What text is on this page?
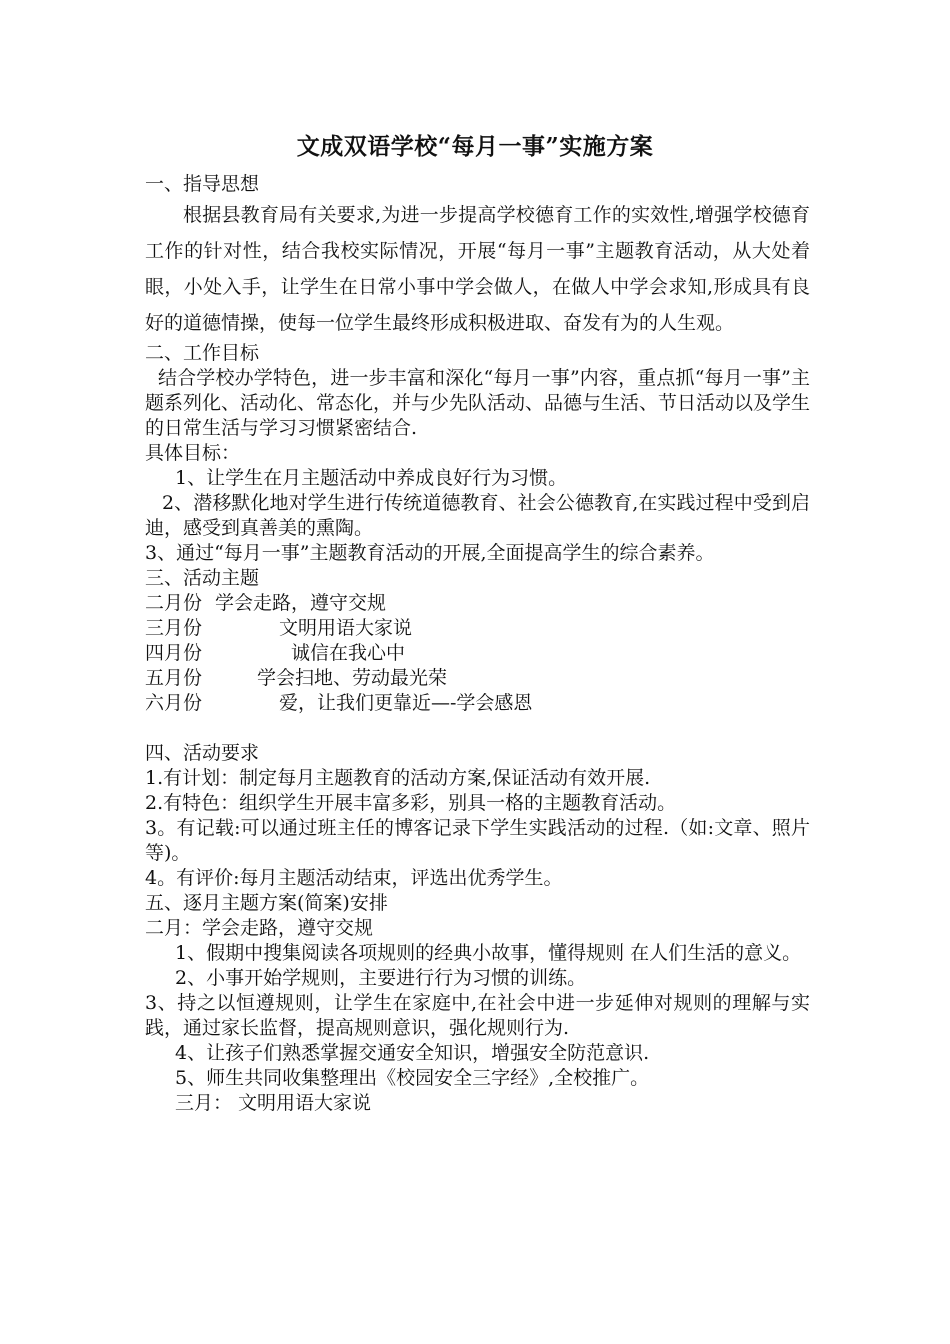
文成双语学校“每月一事”实施方案

一、指导思想

根据县教育局有关要求,为进一步提高学校德育工作的实效性,增强学校德育工作的针对性，结合我校实际情况，开展“每月一事”主题教育活动，从大处着眼，小处入手，让学生在日常小事中学会做人，在做人中学会求知,形成具有良好的道德情操，使每一位学生最终形成积极进取、奋发有为的人生观。

二、工作目标

结合学校办学特色，进一步丰富和深化“每月一事”内容，重点抓“每月一事”主题系列化、活动化、常态化，并与少先队活动、品德与生活、节日活动以及学生的日常生活与学习习惯紧密结合.

具体目标：

1、让学生在月主题活动中养成良好行为习惯。

2、潜移默化地对学生进行传统道德教育、社会公德教育,在实践过程中受到启迪，感受到真善美的熏陶。

3、通过“每月一事”主题教育活动的开展,全面提高学生的综合素养。

三、活动主题

二月份 学会走路，遵守交规

三月份	文明用语大家说

四月份	诚信在我心中

五月份	学会扫地、劳动最光荣

六月份	爱，让我们更靠近—-学会感恩

四、活动要求

1.有计划：制定每月主题教育的活动方案,保证活动有效开展.

2.有特色：组织学生开展丰富多彩，别具一格的主题教育活动。

3。有记载:可以通过班主任的博客记录下学生实践活动的过程.（如:文章、照片等)。

4。有评价:每月主题活动结束，评选出优秀学生。

五、逐月主题方案(简案)安排

二月：学会走路，遵守交规

1、假期中搜集阅读各项规则的经典小故事，懂得规则 在人们生活的意义。

2、小事开始学规则，主要进行行为习惯的训练。

3、持之以恒遵规则，让学生在家庭中,在社会中进一步延伸对规则的理解与实践，通过家长监督，提高规则意识，强化规则行为.

4、让孩子们熟悉掌握交通安全知识，增强安全防范意识.

5、师生共同收集整理出《校园安全三字经》,全校推广。

三月： 文明用语大家说
